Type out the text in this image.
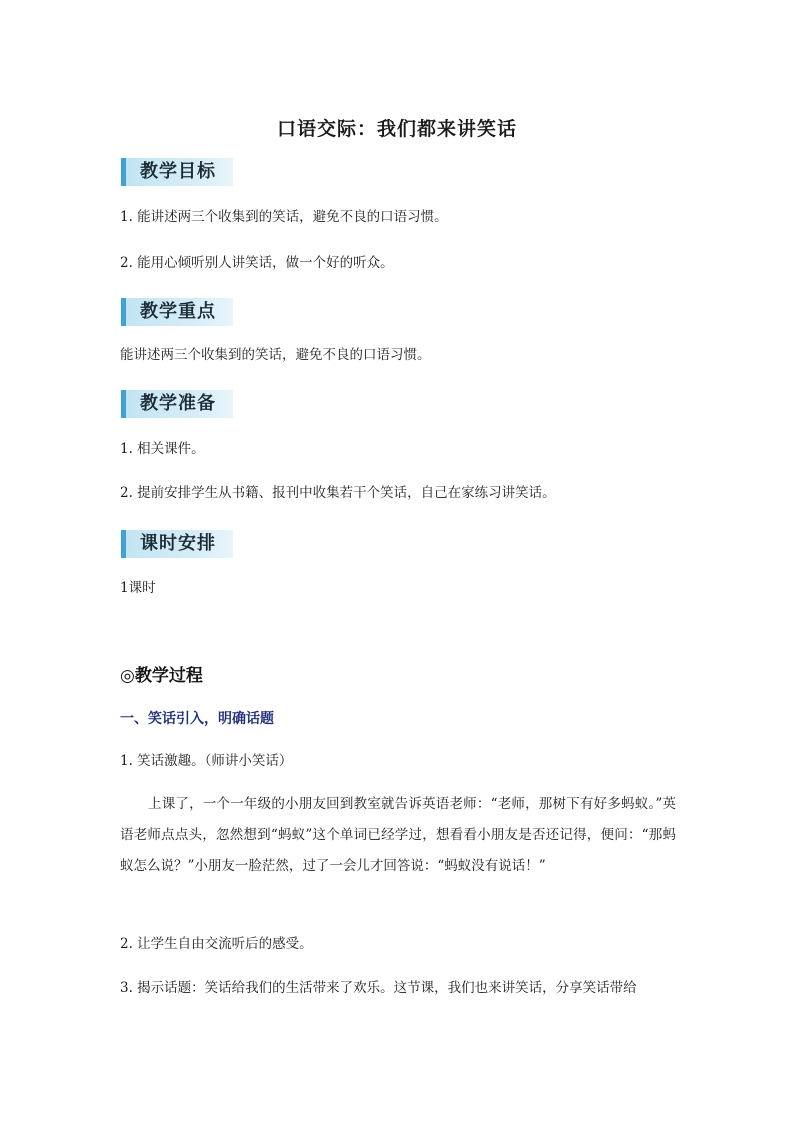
口语交际：我们都来讲笑话
教学目标
1. 能讲述两三个收集到的笑话，避免不良的口语习惯。
2. 能用心倾听别人讲笑话，做一个好的听众。
教学重点
能讲述两三个收集到的笑话，避免不良的口语习惯。
教学准备
1. 相关课件。
2. 提前安排学生从书籍、报刊中收集若干个笑话，自己在家练习讲笑话。
课时安排
1课时
◎教学过程
一、笑话引入，明确话题
1. 笑话激趣。（师讲小笑话）
上课了，一个一年级的小朋友回到教室就告诉英语老师：“老师，那树下有好多蚂蚁。”英语老师点点头，忽然想到“蚂蚁”这个单词已经学过，想看看小朋友是否还记得，便问：“那蚂蚁怎么说？”小朋友一脸茫然，过了一会儿才回答说：“蚂蚁没有说话！”
2. 让学生自由交流听后的感受。
3. 揭示话题：笑话给我们的生活带来了欢乐。这节课，我们也来讲笑话，分享笑话带给
